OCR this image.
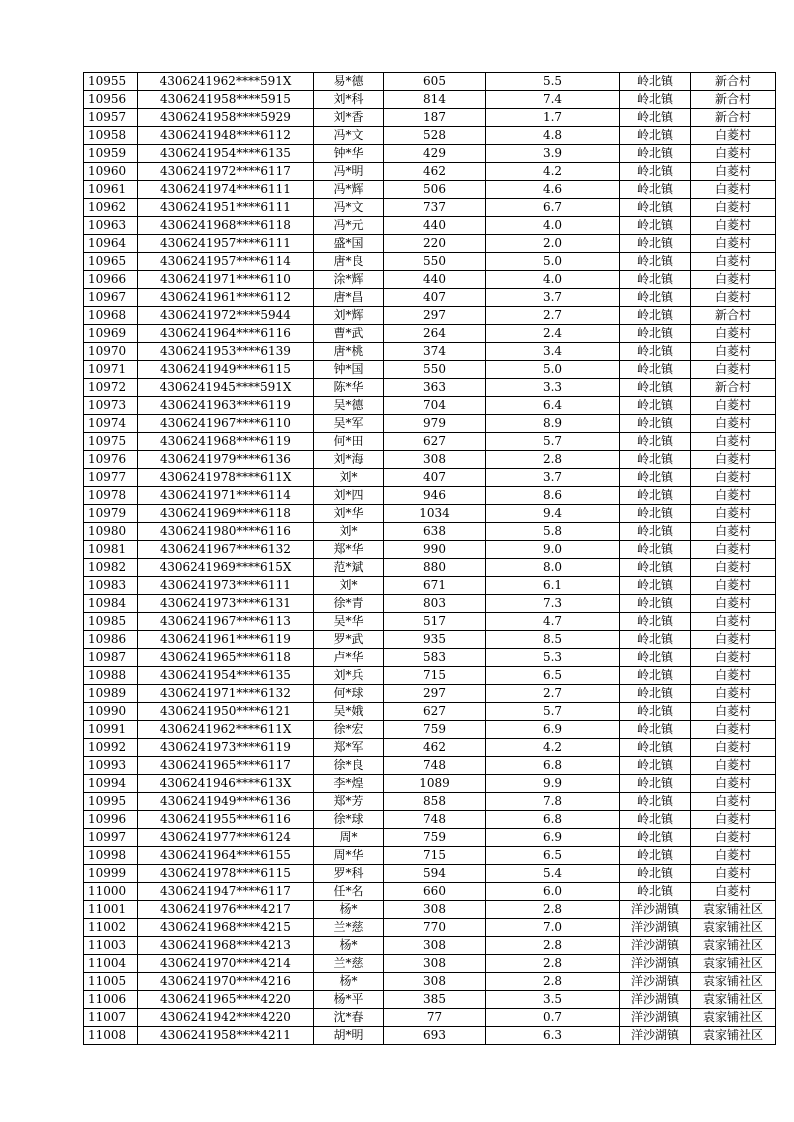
10955	4306241962****591X	易*德	605	5.5	岭北镇	新合村
10956	4306241958****5915	刘*科	814	7.4	岭北镇	新合村
10957	4306241958****5929	刘*香	187	1.7	岭北镇	新合村
10958	4306241948****6112	冯*文	528	4.8	岭北镇	白菱村
10959	4306241954****6135	钟*华	429	3.9	岭北镇	白菱村
10960	4306241972****6117	冯*明	462	4.2	岭北镇	白菱村
10961	4306241974****6111	冯*辉	506	4.6	岭北镇	白菱村
10962	4306241951****6111	冯*文	737	6.7	岭北镇	白菱村
10963	4306241968****6118	冯*元	440	4.0	岭北镇	白菱村
10964	4306241957****6111	盛*国	220	2.0	岭北镇	白菱村
10965	4306241957****6114	唐*良	550	5.0	岭北镇	白菱村
10966	4306241971****6110	涂*辉	440	4.0	岭北镇	白菱村
10967	4306241961****6112	唐*昌	407	3.7	岭北镇	白菱村
10968	4306241972****5944	刘*辉	297	2.7	岭北镇	新合村
10969	4306241964****6116	曹*武	264	2.4	岭北镇	白菱村
10970	4306241953****6139	唐*桃	374	3.4	岭北镇	白菱村
10971	4306241949****6115	钟*国	550	5.0	岭北镇	白菱村
10972	4306241945****591X	陈*华	363	3.3	岭北镇	新合村
10973	4306241963****6119	吴*德	704	6.4	岭北镇	白菱村
10974	4306241967****6110	吴*军	979	8.9	岭北镇	白菱村
10975	4306241968****6119	何*田	627	5.7	岭北镇	白菱村
10976	4306241979****6136	刘*海	308	2.8	岭北镇	白菱村
10977	4306241978****611X	刘*	407	3.7	岭北镇	白菱村
10978	4306241971****6114	刘*四	946	8.6	岭北镇	白菱村
10979	4306241969****6118	刘*华	1034	9.4	岭北镇	白菱村
10980	4306241980****6116	刘*	638	5.8	岭北镇	白菱村
10981	4306241967****6132	郑*华	990	9.0	岭北镇	白菱村
10982	4306241969****615X	范*斌	880	8.0	岭北镇	白菱村
10983	4306241973****6111	刘*	671	6.1	岭北镇	白菱村
10984	4306241973****6131	徐*青	803	7.3	岭北镇	白菱村
10985	4306241967****6113	吴*华	517	4.7	岭北镇	白菱村
10986	4306241961****6119	罗*武	935	8.5	岭北镇	白菱村
10987	4306241965****6118	卢*华	583	5.3	岭北镇	白菱村
10988	4306241954****6135	刘*兵	715	6.5	岭北镇	白菱村
10989	4306241971****6132	何*球	297	2.7	岭北镇	白菱村
10990	4306241950****6121	吴*娥	627	5.7	岭北镇	白菱村
10991	4306241962****611X	徐*宏	759	6.9	岭北镇	白菱村
10992	4306241973****6119	郑*军	462	4.2	岭北镇	白菱村
10993	4306241965****6117	徐*良	748	6.8	岭北镇	白菱村
10994	4306241946****613X	李*煌	1089	9.9	岭北镇	白菱村
10995	4306241949****6136	郑*芳	858	7.8	岭北镇	白菱村
10996	4306241955****6116	徐*球	748	6.8	岭北镇	白菱村
10997	4306241977****6124	周*	759	6.9	岭北镇	白菱村
10998	4306241964****6155	周*华	715	6.5	岭北镇	白菱村
10999	4306241978****6115	罗*科	594	5.4	岭北镇	白菱村
11000	4306241947****6117	任*名	660	6.0	岭北镇	白菱村
11001	4306241976****4217	杨*	308	2.8	洋沙湖镇	袁家铺社区
11002	4306241968****4215	兰*慈	770	7.0	洋沙湖镇	袁家铺社区
11003	4306241968****4213	杨*	308	2.8	洋沙湖镇	袁家铺社区
11004	4306241970****4214	兰*慈	308	2.8	洋沙湖镇	袁家铺社区
11005	4306241970****4216	杨*	308	2.8	洋沙湖镇	袁家铺社区
11006	4306241965****4220	杨*平	385	3.5	洋沙湖镇	袁家铺社区
11007	4306241942****4220	沈*春	77	0.7	洋沙湖镇	袁家铺社区
11008	4306241958****4211	胡*明	693	6.3	洋沙湖镇	袁家铺社区
